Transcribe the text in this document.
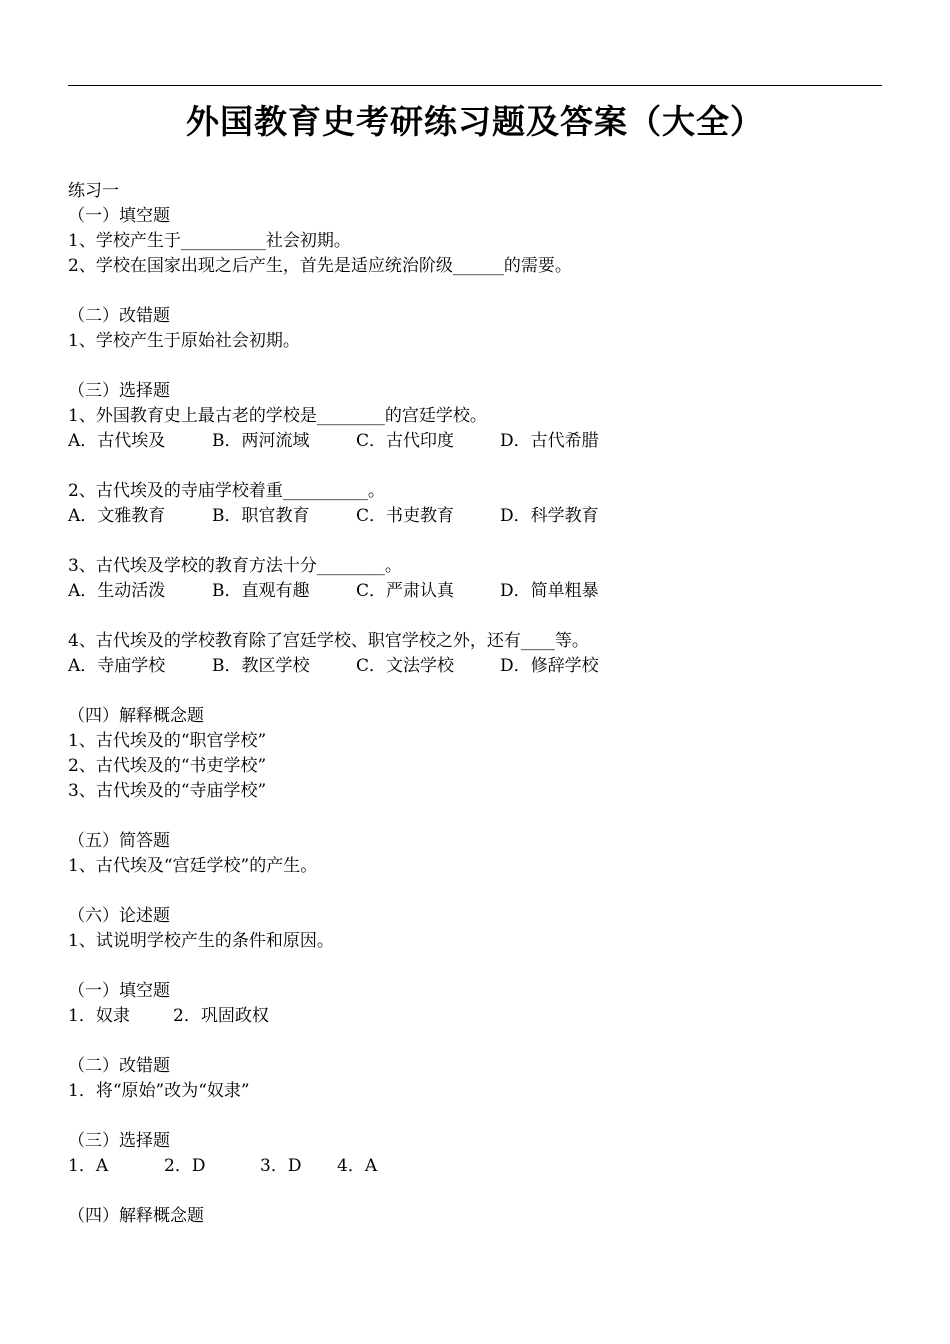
外国教育史考研练习题及答案（大全）
练习一
（一）填空题
1、学校产生于__________社会初期。
2、学校在国家出现之后产生，首先是适应统治阶级______的需要。
（二）改错题
1、学校产生于原始社会初期。
（三）选择题
1、外国教育史上最古老的学校是________的宫廷学校。
A．古代埃及	B．两河流域	C．古代印度	D．古代希腊
2、古代埃及的寺庙学校着重__________。
A．文雅教育	B．职官教育	C．书吏教育	D．科学教育
3、古代埃及学校的教育方法十分________。
A．生动活泼	B．直观有趣	C．严肃认真	D．简单粗暴
4、古代埃及的学校教育除了宫廷学校、职官学校之外，还有____等。
A．寺庙学校	B．教区学校	C．文法学校	D．修辞学校
（四）解释概念题
1、古代埃及的“职官学校”
2、古代埃及的“书吏学校”
3、古代埃及的“寺庙学校”
（五）简答题
1、古代埃及“宫廷学校”的产生。
（六）论述题
1、试说明学校产生的条件和原因。
（一）填空题
1．奴隶	2．巩固政权
（二）改错题
1．将“原始”改为“奴隶”
（三）选择题
1．A	2．D	3．D	4．A
（四）解释概念题
